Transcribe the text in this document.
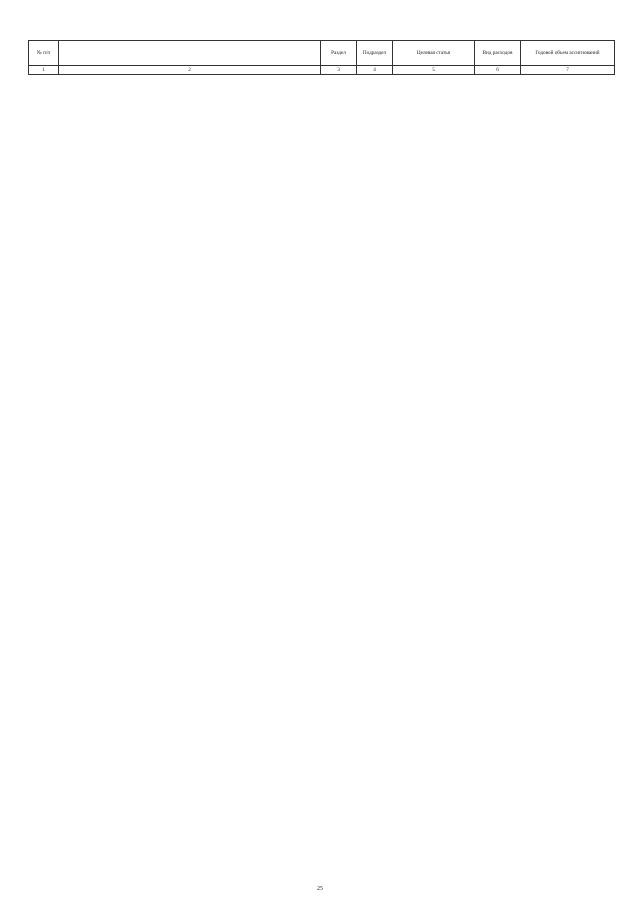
№ п/п		Раздел	Подраздел	Целевая статья	Вид расходов	Годовой объем ассигнований
1	2	3	4	5	6	7
25
